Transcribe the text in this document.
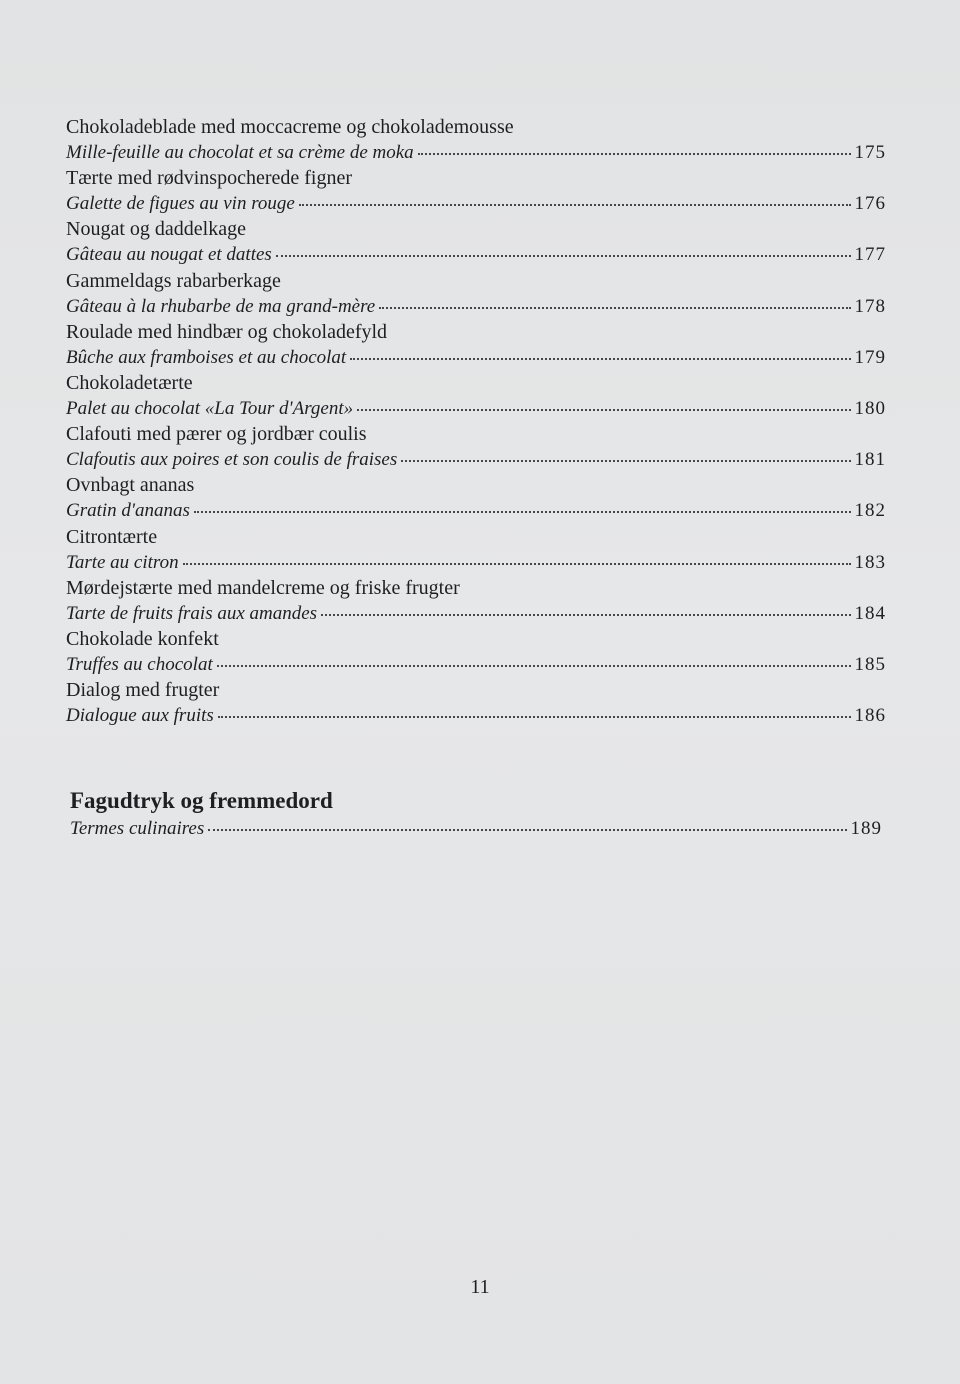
Chokoladeblade med moccacreme og chokolademousse
Mille-feuille au chocolat et sa crème de moka	175
Tærte med rødvinspocherede figner
Galette de figues au vin rouge	176
Nougat og daddelkage
Gâteau au nougat et dattes	177
Gammeldags rabarberkage
Gâteau à la rhubarbe de ma grand-mère	178
Roulade med hindbær og chokoladefyld
Bûche aux framboises et au chocolat	179
Chokoladetærte
Palet au chocolat «La Tour d'Argent»	180
Clafouti med pærer og jordbær coulis
Clafoutis aux poires et son coulis de fraises	181
Ovnbagt ananas
Gratin d'ananas	182
Citrontærte
Tarte au citron	183
Mørdejstærte med mandelcreme og friske frugter
Tarte de fruits frais aux amandes	184
Chokolade konfekt
Truffes au chocolat	185
Dialog med frugter
Dialogue aux fruits	186
Fagudtryk og fremmedord
Termes culinaires	189
11
